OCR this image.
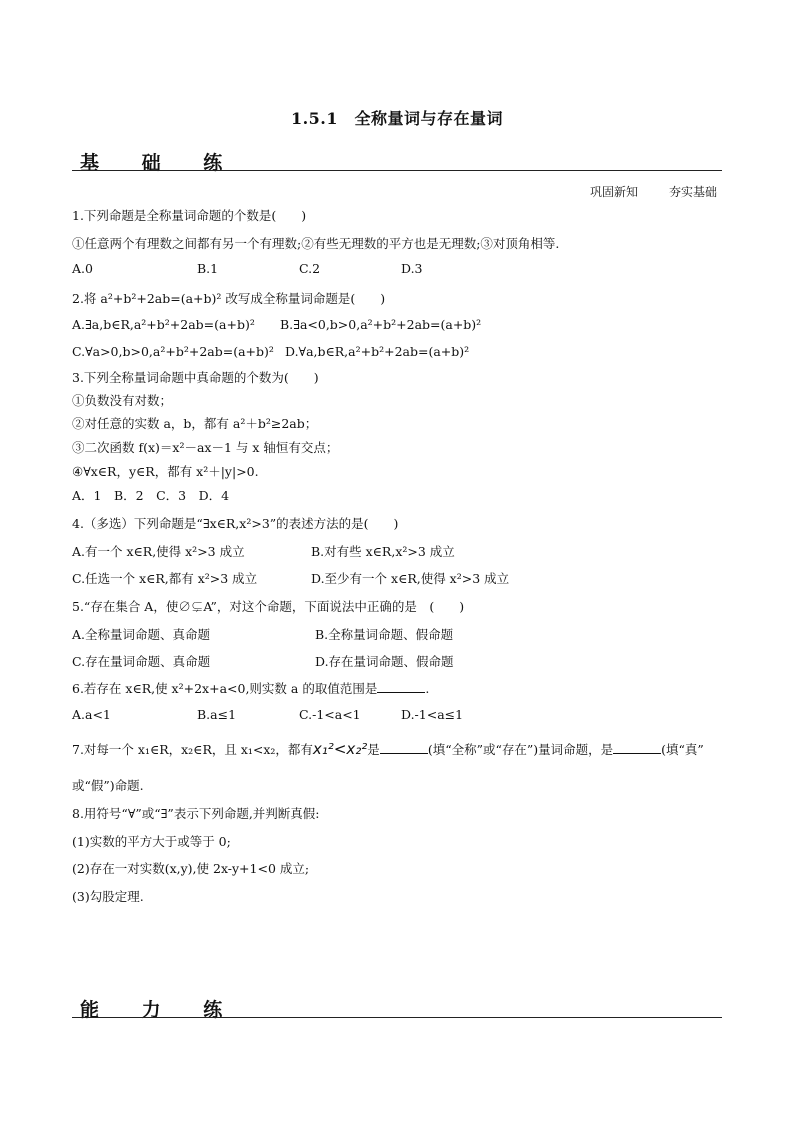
1.5.1　全称量词与存在量词
基 础 练
巩固新知	夯实基础
1.下列命题是全称量词命题的个数是(　　)
①任意两个有理数之间都有另一个有理数;②有些无理数的平方也是无理数;③对顶角相等.
A.0	B.1	C.2	D.3
2.将 a²+b²+2ab=(a+b)² 改写成全称量词命题是(　　)
A.∃a,b∈R,a²+b²+2ab=(a+b)² B.∃a<0,b>0,a²+b²+2ab=(a+b)²
C.∀a>0,b>0,a²+b²+2ab=(a+b)² D.∀a,b∈R,a²+b²+2ab=(a+b)²
3.下列全称量词命题中真命题的个数为(　　)
①负数没有对数；
②对任意的实数 a，b，都有 a²＋b²≥2ab；
③二次函数 f(x)＝x²－ax－1 与 x 轴恒有交点；
④∀x∈R，y∈R，都有 x²＋|y|>0.
A．1　B．2　C．3　D．4
4.（多选）下列命题是“∃x∈R,x²>3”的表述方法的是(　　)
A.有一个 x∈R,使得 x²>3 成立	B.对有些 x∈R,x²>3 成立
C.任选一个 x∈R,都有 x²>3 成立	D.至少有一个 x∈R,使得 x²>3 成立
5.“存在集合 A，使∅⊊A”，对这个命题，下面说法中正确的是　(　　)
A.全称量词命题、真命题	B.全称量词命题、假命题
C.存在量词命题、真命题	D.存在量词命题、假命题
6.若存在 x∈R,使 x²+2x+a<0,则实数 a 的取值范围是	.
A.a<1	B.a≤1	C.-1<a<1	D.-1<a≤1
7.对每一个 x₁∈R，x₂∈R，且 x₁<x₂，都有x₁²<x₂²是	(填“全称”或“存在”)量词命题，是	(填“真”
或“假”)命题.
8.用符号“∀”或“∃”表示下列命题,并判断真假:
(1)实数的平方大于或等于 0;
(2)存在一对实数(x,y),使 2x-y+1<0 成立;
(3)勾股定理.
能 力 练
